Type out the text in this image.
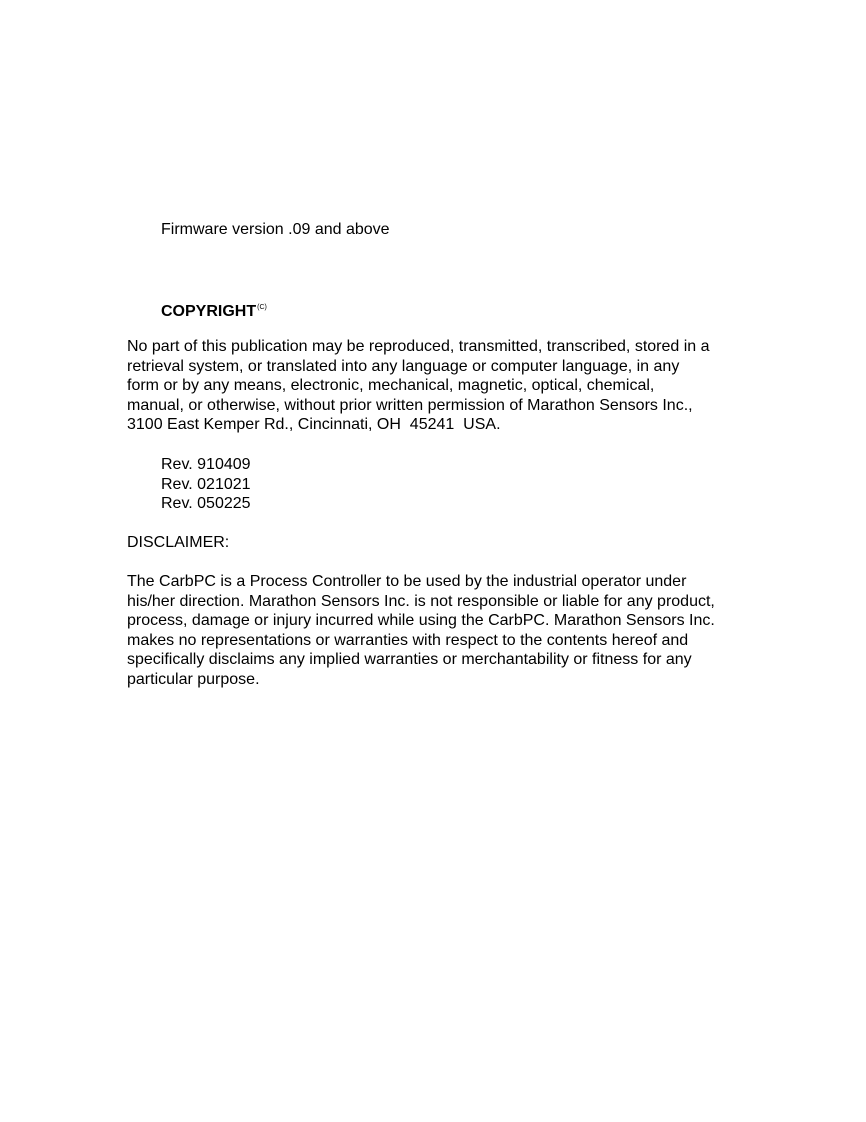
Firmware version .09 and above
$COPYRIGHT^{(C)}$
No part of this publication may be reproduced, transmitted, transcribed, stored in a
retrieval system, or translated into any language or computer language, in any
form or by any means, electronic, mechanical, magnetic, optical, chemical,
manual, or otherwise, without prior written permission of Marathon Sensors Inc.,
3100 East Kemper Rd., Cincinnati, OH  45241  USA.
Rev. 910409
Rev. 021021
Rev. 050225
DISCLAIMER:
The CarbPC is a Process Controller to be used by the industrial operator under
his/her direction. Marathon Sensors Inc. is not responsible or liable for any product,
process, damage or injury incurred while using the CarbPC. Marathon Sensors Inc.
makes no representations or warranties with respect to the contents hereof and
specifically disclaims any implied warranties or merchantability or fitness for any
particular purpose.
